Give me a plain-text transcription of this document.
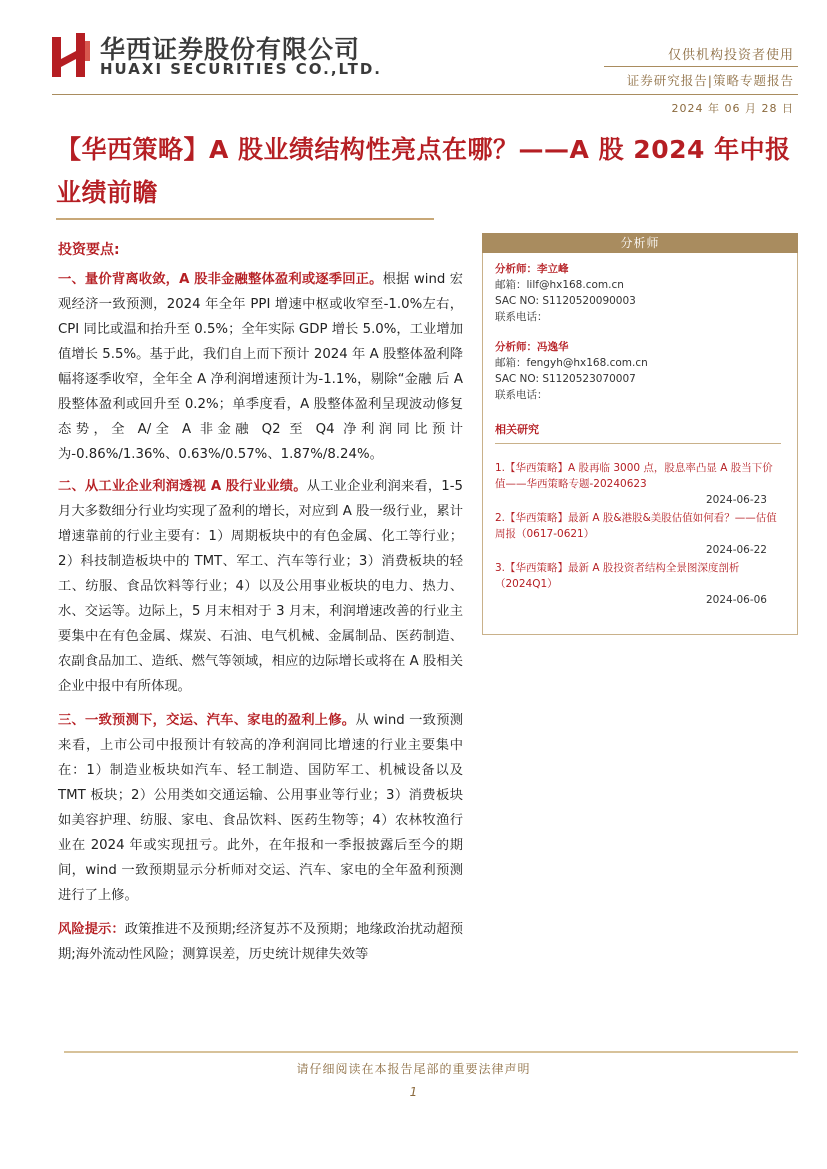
华西证券股份有限公司
HUAXI SECURITIES CO.,LTD.
仅供机构投资者使用
证券研究报告|策略专题报告
2024 年 06 月 28 日
【华西策略】A 股业绩结构性亮点在哪？——A 股 2024 年中报业绩前瞻
投资要点:

一、量价背离收敛，A 股非金融整体盈利或逐季回正。根据 wind 宏观经济一致预测，2024 年全年 PPI 增速中枢或收窄至-1.0%左右，CPI 同比或温和抬升至 0.5%；全年实际 GDP 增长 5.0%，工业增加值增长 5.5%。基于此，我们自上而下预计 2024 年 A 股整体盈利降幅将逐季收窄，全年全 A 净利润增速预计为-1.1%，剔除“金融 后 A 股整体盈利或回升至 0.2%；单季度看，A 股整体盈利呈现波动修复态势，全 A/全 A 非金融 Q2 至 Q4 净利润同比预计为-0.86%/1.36%、0.63%/0.57%、1.87%/8.24%。

二、从工业企业利润透视 A 股行业业绩。从工业企业利润来看，1-5 月大多数细分行业均实现了盈利的增长，对应到 A 股一级行业，累计增速靠前的行业主要有：1）周期板块中的有色金属、化工等行业；2）科技制造板块中的 TMT、军工、汽车等行业；3）消费板块的轻工、纺服、食品饮料等行业；4）以及公用事业板块的电力、热力、水、交运等。边际上，5 月末相对于 3 月末，利润增速改善的行业主要集中在有色金属、煤炭、石油、电气机械、金属制品、医药制造、农副食品加工、造纸、燃气等领域，相应的边际增长或将在 A 股相关企业中报中有所体现。

三、一致预测下，交运、汽车、家电的盈利上修。从 wind 一致预测来看，上市公司中报预计有较高的净利润同比增速的行业主要集中在：1）制造业板块如汽车、轻工制造、国防军工、机械设备以及 TMT 板块；2）公用类如交通运输、公用事业等行业；3）消费板块如美容护理、纺服、家电、食品饮料、医药生物等；4）农林牧渔行业在 2024 年或实现扭亏。此外，在年报和一季报披露后至今的期间，wind 一致预期显示分析师对交运、汽车、家电的全年盈利预测进行了上修。

风险提示：政策推进不及预期;经济复苏不及预期；地缘政治扰动超预期;海外流动性风险；测算误差，历史统计规律失效等

分析师
分析师：李立峰
邮箱：lilf@hx168.com.cn
SAC NO: S1120520090003
联系电话：
分析师：冯逸华
邮箱：fengyh@hx168.com.cn
SAC NO: S1120523070007
联系电话：
相关研究
1.【华西策略】A 股再临 3000 点，股息率凸显 A 股当下价值——华西策略专题-20240623
2024-06-23
2.【华西策略】最新 A 股&港股&美股估值如何看？——估值周报（0617-0621）
2024-06-22
3.【华西策略】最新 A 股投资者结构全景图深度剖析（2024Q1）
2024-06-06
请仔细阅读在本报告尾部的重要法律声明
1
